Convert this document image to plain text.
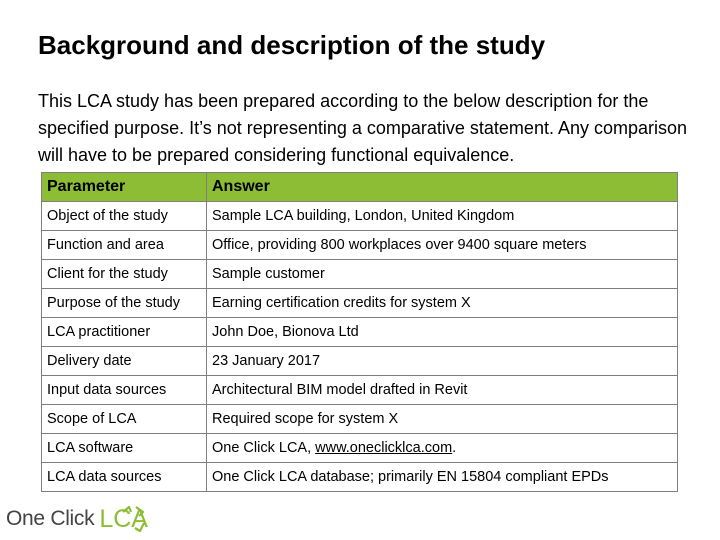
Background and description of the study

This LCA study has been prepared according to the below description for the specified purpose. It’s not representing a comparative statement. Any comparison will have to be prepared considering functional equivalence.

Parameter	Answer
Object of the study	Sample LCA building, London, United Kingdom
Function and area	Office, providing 800 workplaces over 9400 square meters
Client for the study	Sample customer
Purpose of the study	Earning certification credits for system X
LCA practitioner	John Doe, Bionova Ltd
Delivery date	23 January 2017
Input data sources	Architectural BIM model drafted in Revit
Scope of LCA	Required scope for system X
LCA software	One Click LCA, www.oneclicklca.com.
LCA data sources	One Click LCA database; primarily EN 15804 compliant EPDs
One Click LCA
